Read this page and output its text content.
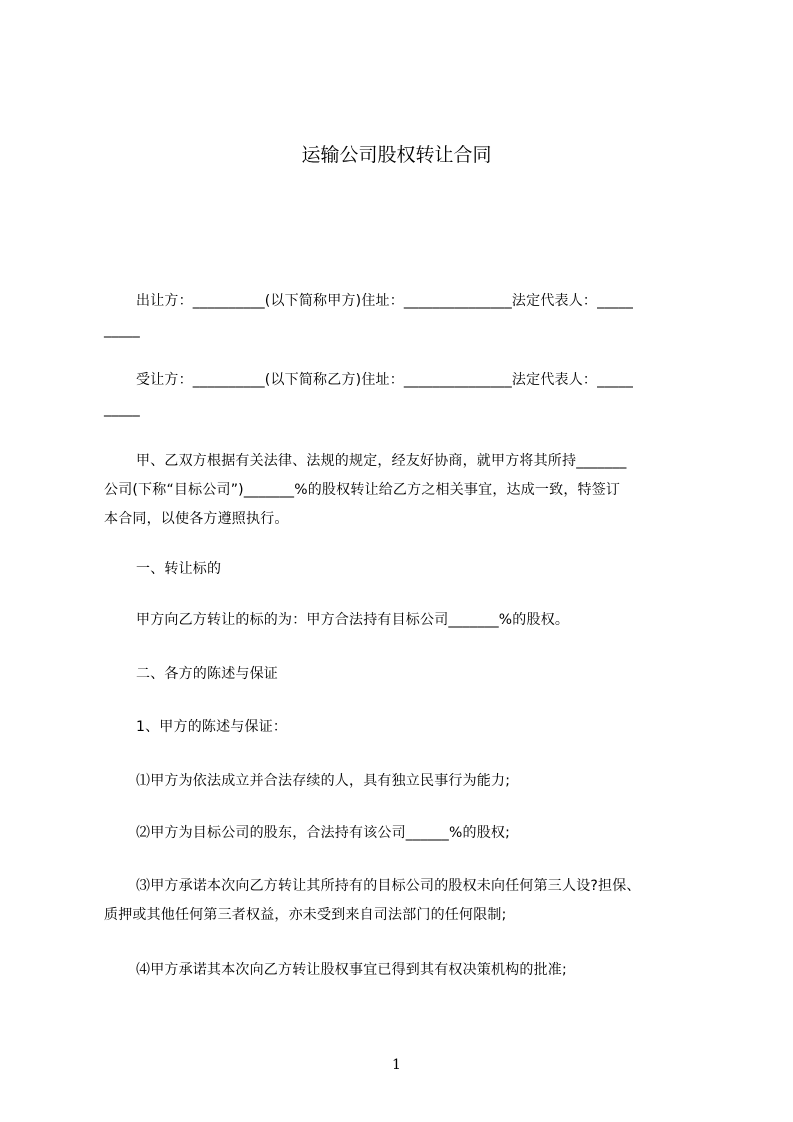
运输公司股权转让合同
出让方：__________(以下简称甲方)住址：_______________法定代表人：_____
_____
受让方：__________(以下简称乙方)住址：_______________法定代表人：_____
_____
甲、乙双方根据有关法律、法规的规定，经友好协商，就甲方将其所持_______
公司(下称“目标公司”)_______%的股权转让给乙方之相关事宜，达成一致，特签订
本合同，以使各方遵照执行。
一、转让标的
甲方向乙方转让的标的为：甲方合法持有目标公司_______%的股权。
二、各方的陈述与保证
1、甲方的陈述与保证：
⑴甲方为依法成立并合法存续的人，具有独立民事行为能力;
⑵甲方为目标公司的股东，合法持有该公司______%的股权;
⑶甲方承诺本次向乙方转让其所持有的目标公司的股权未向任何第三人设?担保、
质押或其他任何第三者权益，亦未受到来自司法部门的任何限制;
⑷甲方承诺其本次向乙方转让股权事宜已得到其有权决策机构的批准;
1
